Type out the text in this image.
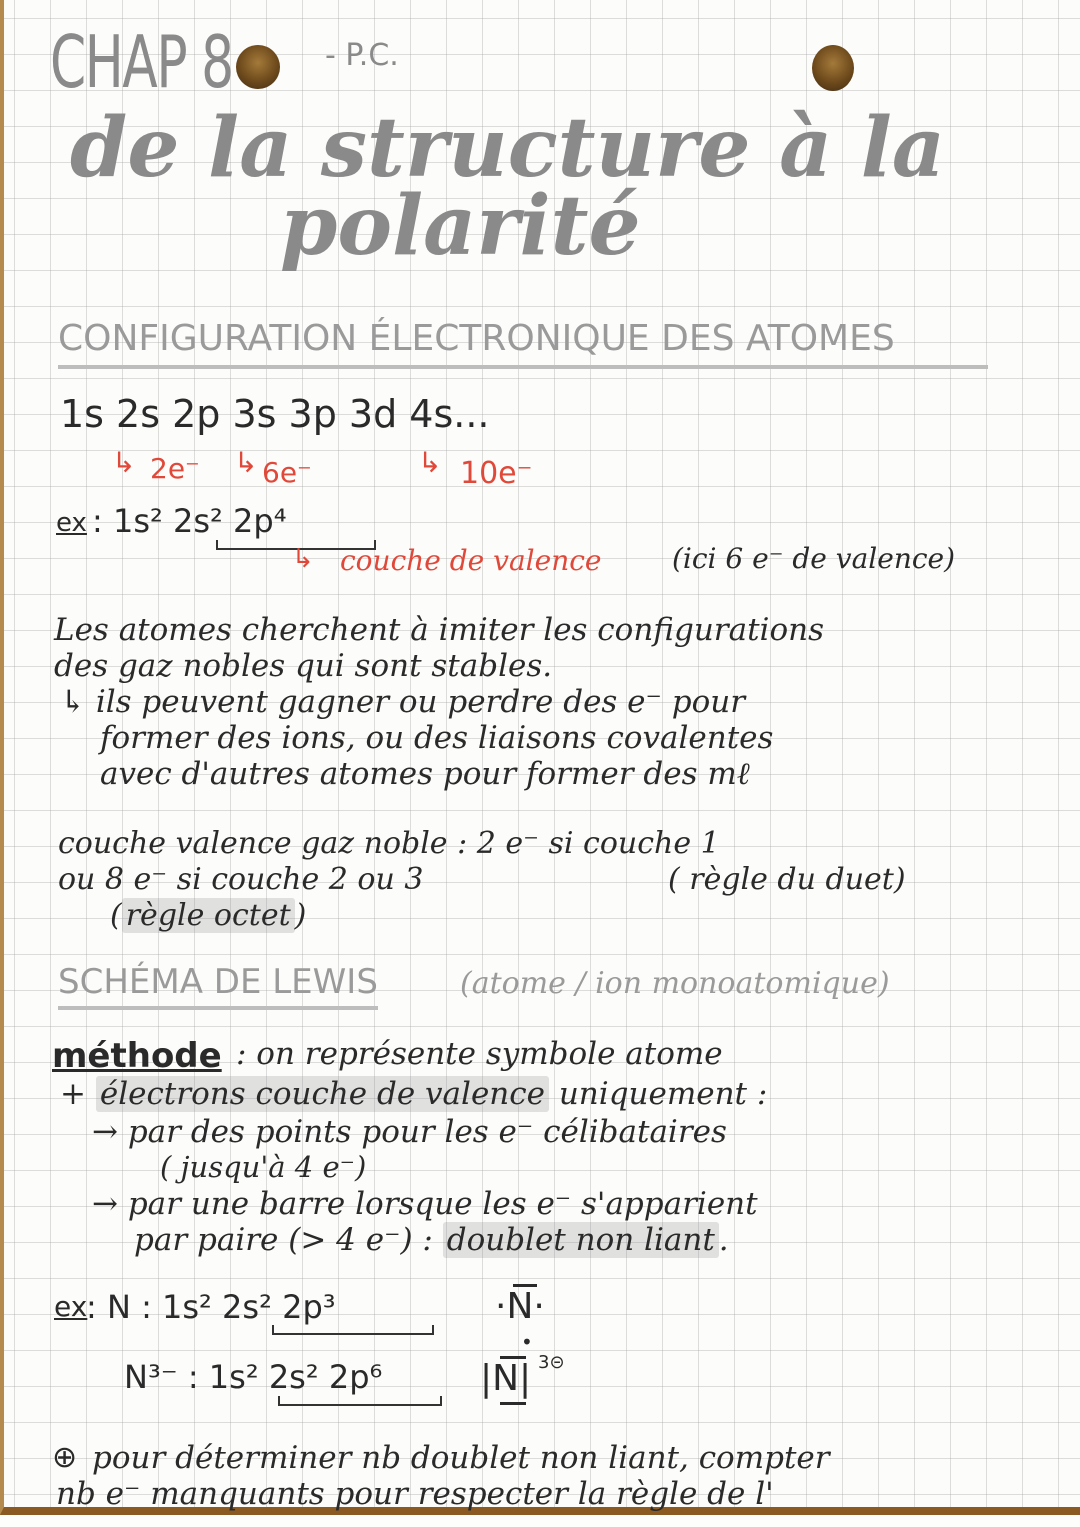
CHAP 8	- P.C.
de la structure à la
polarité
CONFIGURATION ÉLECTRONIQUE DES ATOMES
1s 2s 2p 3s 3p 3d 4s...
↳ 2e⁻ ↳ 6e⁻	↳ 10e⁻
ex : 1s² 2s² 2p⁴
↳ couche de valence	(ici 6 e⁻ de valence)
Les atomes cherchent à imiter les configurations
des gaz nobles qui sont stables.
↳ ils peuvent gagner ou perdre des e⁻ pour
former des ions, ou des liaisons covalentes
avec d'autres atomes pour former des mℓ
couche valence gaz noble : 2 e⁻ si couche 1
ou 8 e⁻ si couche 2 ou 3	( règle du duet)
( règle octet )
SCHÉMA DE LEWIS	(atome / ion monoatomique)
méthode : on représente symbole atome
+ électrons couche de valence uniquement :
→ par des points pour les e⁻ célibataires
( jusqu'à 4 e⁻)
→ par une barre lorsque les e⁻ s'apparient
par paire (> 4 e⁻) : doublet non liant .
ex
: N : 1s² 2s² 2p³	·N·
•
N³⁻ : 1s² 2s² 2p⁶	|N| 3⊝
⊕ pour déterminer nb doublet non liant, compter
nb e⁻ manquants pour respecter la règle de l'
